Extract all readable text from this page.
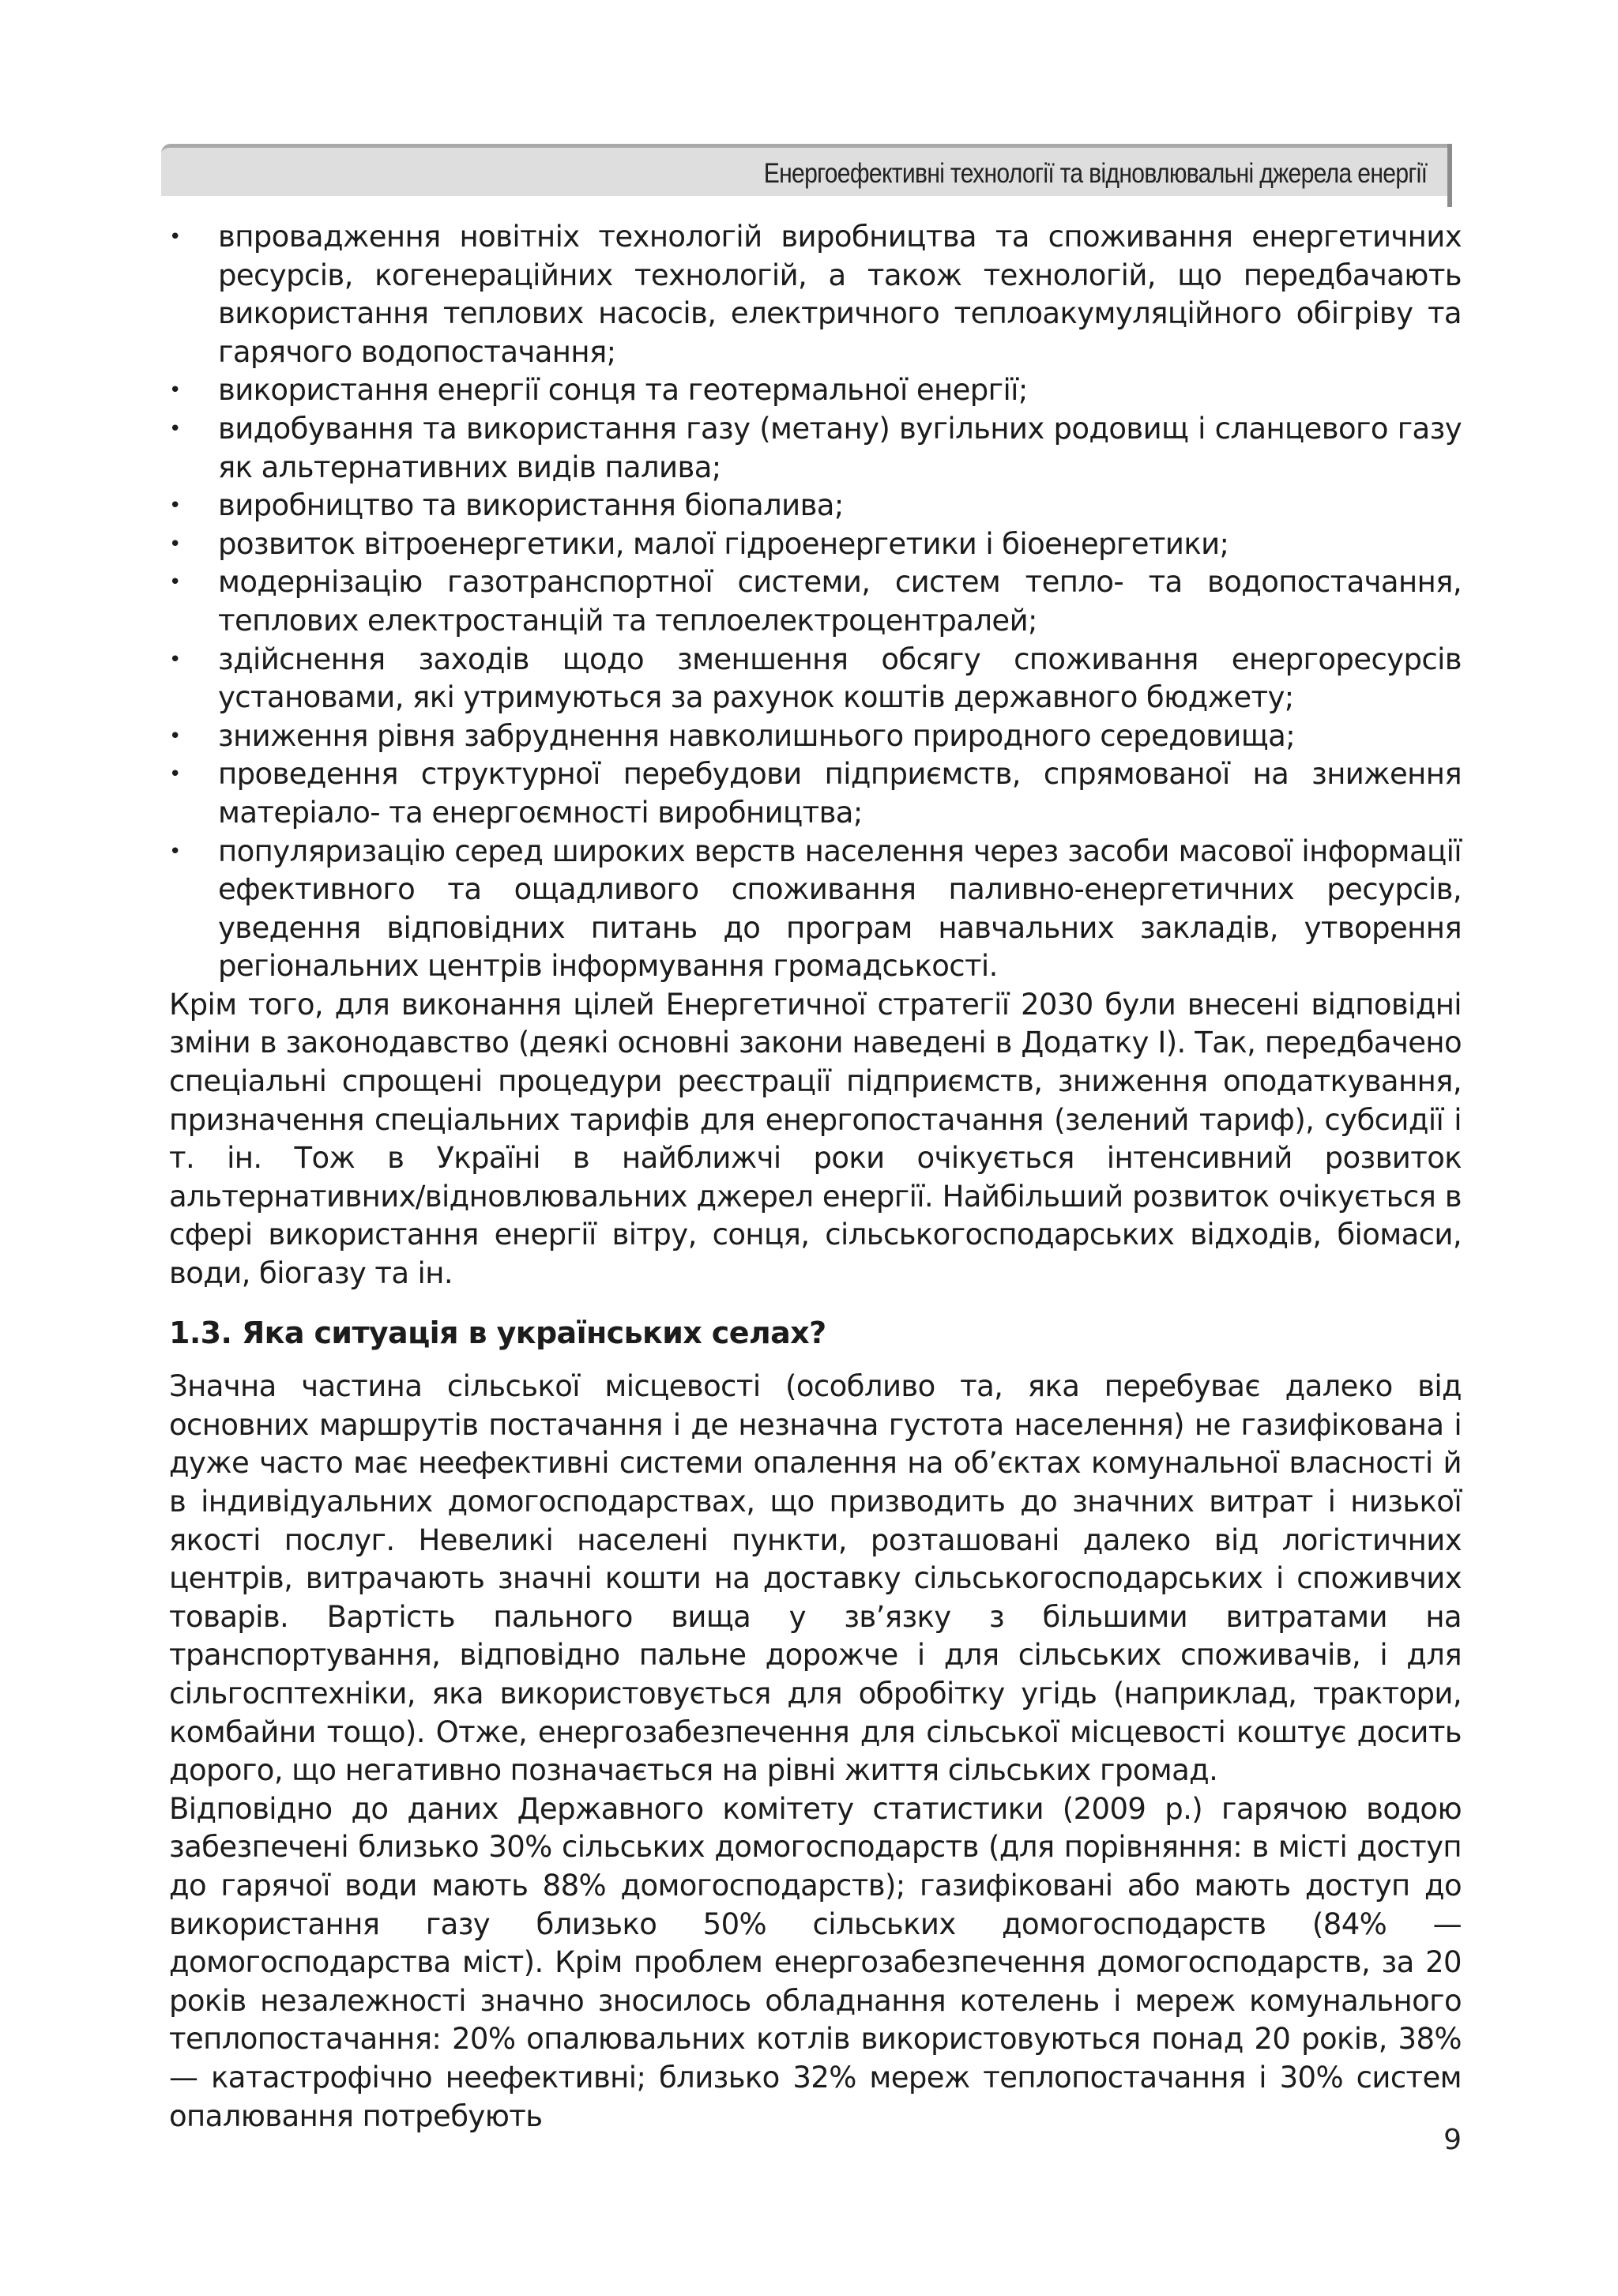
Енергоефективні технології та відновлювальні джерела енергії
• впровадження новітніх технологій виробництва та споживання енергетичних ресурсів, когенераційних технологій, а також технологій, що передбачають використання теплових насосів, електричного теплоакумуляційного обігріву та гарячого водопостачання;
• використання енергії сонця та геотермальної енергії;
• видобування та використання газу (метану) вугільних родовищ і сланцевого газу як альтернативних видів палива;
• виробництво та використання біопалива;
• розвиток вітроенергетики, малої гідроенергетики і біоенергетики;
• модернізацію газотранспортної системи, систем тепло- та водопостачання, теплових електростанцій та теплоелектроцентралей;
• здійснення заходів щодо зменшення обсягу споживання енергоресурсів установами, які утримуються за рахунок коштів державного бюджету;
• зниження рівня забруднення навколишнього природного середовища;
• проведення структурної перебудови підприємств, спрямованої на зниження матеріало- та енергоємності виробництва;
• популяризацію серед широких верств населення через засоби масової інформації ефективного та ощадливого споживання паливно-енергетичних ресурсів, уведення відповідних питань до програм навчальних закладів, утворення регіональних центрів інформування громадськості.

Крім того, для виконання цілей Енергетичної стратегії 2030 були внесені відповідні зміни в законодавство (деякі основні закони наведені в Додатку I). Так, передбачено спеціальні спрощені процедури реєстрації підприємств, зниження оподаткування, призначення спеціальних тарифів для енергопостачання (зелений тариф), субсидії і т. ін. Тож в Україні в найближчі роки очікується інтенсивний розвиток альтернативних/відновлювальних джерел енергії. Найбільший розвиток очікується в сфері використання енергії вітру, сонця, сільськогосподарських відходів, біомаси, води, біогазу та ін.

1.3. Яка ситуація в українських селах?

Значна частина сільської місцевості (особливо та, яка перебуває далеко від основних маршрутів постачання і де незначна густота населення) не газифікована і дуже часто має неефективні системи опалення на об’єктах комунальної власності й в індивідуальних домогосподарствах, що призводить до значних витрат і низької якості послуг. Невеликі населені пункти, розташовані далеко від логістичних центрів, витрачають значні кошти на доставку сільськогосподарських і споживчих товарів. Вартість пального вища у зв’язку з більшими витратами на транспортування, відповідно пальне дорожче і для сільських споживачів, і для сільгосптехніки, яка використовується для обробітку угідь (наприклад, трактори, комбайни тощо). Отже, енергозабезпечення для сільської місцевості коштує досить дорого, що негативно позначається на рівні життя сільських громад.

Відповідно до даних Державного комітету статистики (2009 р.) гарячою водою забезпечені близько 30% сільських домогосподарств (для порівняння: в місті доступ до гарячої води мають 88% домогосподарств); газифіковані або мають доступ до використання газу близько 50% сільських домогосподарств (84% — домогосподарства міст). Крім проблем енергозабезпечення домогосподарств, за 20 років незалежності значно зносилось обладнання котелень і мереж комунального теплопостачання: 20% опалювальних котлів використовуються понад 20 років, 38% — катастрофічно неефективні; близько 32% мереж теплопостачання і 30% систем опалювання потребують

9
